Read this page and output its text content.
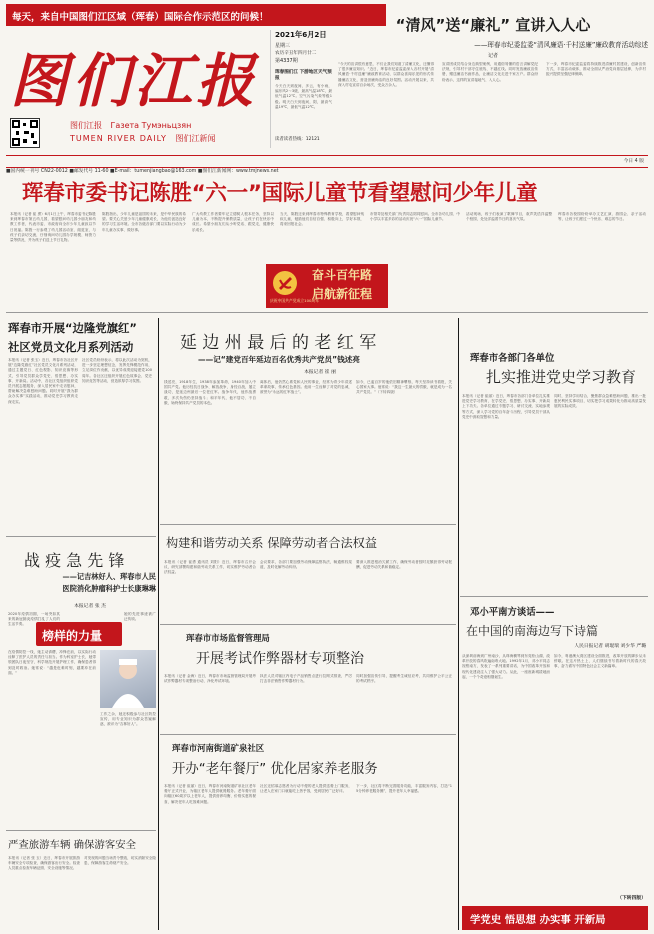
每天，来自中国图们江区域（珲春）国际合作示范区的问候！
图们江报
图们江报 Газета Тумэньцзян
TUMEN RIVER DAILY 图们江新闻
2021年6月2日
星期三
农历辛丑年四月廿二
第4337期
珲春图们江 下游地区天气预报
今天白天到夜间，多云，有小雨，偏东风2～3级，最高气温18℃，最低气温12℃。空气污染气象等级1级。明天白天到夜间，阴，最高气温19℃，最低气温12℃。
读者读者热线：12121
“清风”送“廉礼” 宣讲入人心
——珲春市纪委监委“清风廉语·千村送廉”廉政教育活动综述
记者
“今天的宣讲很有意思，不仅让我们知道了清廉文化，还懂得了很多廉洁知识。”近日，珲春市纪委监委深入各村开展“清风廉语·千村送廉”廉政教育活动，以群众喜闻乐见的形式传播廉洁文化，营造崇廉尚洁的良好氛围。活动开展以来，共深入村屯宣讲百余场次，受众万余人。
宣讲团成员结合身边典型案例，用通俗易懂的语言讲解党纪法规，引导村干部守住底线、不越红线。同时发放廉政宣传册，赠送廉洁书画作品，让廉洁文化走进千家万户。群众纷纷表示，这样的宣讲接地气、入人心。
下一步，珲春市纪委监委将持续推进清廉村居建设，创新宣传方式，丰富活动载体，推动全面从严治党向基层延伸，为乡村振兴提供坚强纪律保障。
■国内统一刊号 CN22-0012 ■邮发代号 11-60 ■E-mail：tumenjiangbao@163.com ■图们江新闻网：www.tmjnews.net
今日 4 版
珲春市委书记陈胜“六一”国际儿童节看望慰问少年儿童
本报讯（记者 崔 勇）6月1日上午，珲春市委书记陈胜来到珲春市第五幼儿园，看望慰问幼儿园小朋友和幼教工作者，代表市委、市政府向全市少年儿童致以节日祝福。陈胜一行参观了幼儿园活动室、阅览室，与孩子们亲切交流，仔细询问幼儿园办学规模、师资力量等情况，并为孩子们送上节日礼物。
陈胜指出，少年儿童是祖国的未来，是中华民族的希望。要关心关爱少年儿童健康成长，为他们创造良好的学习生活环境。全市各级各部门要以实际行动为少年儿童办实事、做好事。
广大幼教工作者要牢记立德树人根本任务，坚持以儿童为本，不断提升保教质量，让孩子们在快乐中成长。希望小朋友们从小听党话、跟党走，健康快乐成长。
当天，陈胜还来到珲春市特殊教育学校，看望慰问残疾儿童，勉励他们自信自强、积极向上，学好本领，将来回报社会。
市领导及相关部门负责同志陪同慰问。全市各幼儿园、中小学以丰富多彩的活动庆祝“六一”国际儿童节。
活动现场，孩子们表演了歌舞节目，欢声笑语洋溢整个校园，处处洋溢着节日的喜庆气氛。
庆祝中国共产党成立100周年
奋斗百年路
启航新征程
珲春市各校园纷纷举办文艺汇演、游园会、亲子活动等，让孩子们度过一个快乐、难忘的节日。
珲春市开展“边隆党旗红”
社区党员文化月系列活动
本报讯（记者 张玉）近日，珲春市各社区开展“边隆党旗红”社区党员文化月系列活动，通过主题党日、红色观影、知识竞赛等形式，引导党员群众学党史、悟思想、办实事、开新局。活动中，各社区党组织组织党员开展志愿服务，深入居民家中走访慰问，帮助解决急难愁盼问题。同时开展“我为群众办实事”实践活动，推动党史学习教育走深走实。
社区党员纷纷表示，将以此次活动为契机，进一步坚定理想信念，发挥先锋模范作用，立足岗位作贡献，以优异成绩迎接建党100周年。各社区还组织开展红色故事会、党史知识竞答等活动，营造浓厚学习氛围。
战 疫 急 先 锋
——记吉林好人、珲春市人民
医院消化肿瘤科护士长康琳琳
本报记者 张 杰
2020年疫情初期，一场突如其来的新冠肺炎疫情打乱了人们的生活节奏。
榜样的力量
她的先进事迹被广泛传颂。
在疫情防控一线，她主动请缨，冲锋在前，以实际行动诠释了医护人员的责任与担当。作为科室护士长，她带领团队日夜坚守，科学规范开展护理工作，确保患者得到及时救治。她常说：“越是危难时刻，越要冲在前面。”
工作之余，她还积极参与社区防控宣传，用专业知识为群众答疑解惑，被评为“吉林好人”。
严查旅游车辆 确保游客安全
本报讯（记者 张 玉）近日，珲春市开展旅游车辆安全专项检查，确保游客出行安全。检查人员重点检查车辆证照、安全设施等情况。
对发现的问题当场责令整改，切实消除安全隐患，保障游客生命财产安全。
延 边 州 最 后 的 老 红 军
——记“建党百年延边百名优秀共产党员”钱述亮
本报记者 崔 丽
钱述亮，1918年生，1938年参加革命，1940年加入中国共产党。他历经抗日战争、解放战争，身经百战，屡立战功，是延边州最后一位老红军。战争年代，他作战勇敢，多次负伤仍坚持战斗；和平年代，他不居功、不自傲，始终保持共产党员的本色。
离休后，他仍然心系党和人民的事业，经常为青少年讲述革命故事，传承红色基因。他用一生诠释了对党的忠诚，被誉为“永远的红军战士”。
如今，已逾百岁的他依旧精神矍铄，每天坚持读书看报，关心国家大事。他常说：“我这一生最大的骄傲，就是成为一名共产党员。”（下转四版）
构建和谐劳动关系 保障劳动者合法权益
本报讯（记者 崔勇 通讯员 刘阳）近日，珲春市召开会议，研究部署构建和谐劳动关系工作，切实维护劳动者合法权益。
会议要求，各部门要加强劳动保障监察执法，畅通维权渠道，及时化解劳动纠纷。
要深入推进根治欠薪工作，确保劳动者按时足额获得劳动报酬，促进劳动关系和谐稳定。
珲春市市场监督管理局
开展考试作弊器材专项整治
本报讯（记者 金海）近日，珲春市市场监督管理局开展考试作弊器材专项整治行动，净化考试环境。
执法人员对辖区内电子产品销售点进行拉网式排查，严厉打击非法销售作弊器材行为。
同时加强宣传引导，提醒考生诚信应考，共同维护公平公正的考试秩序。
珲春市河南街道矿泉社区
开办“老年餐厅” 优化居家养老服务
本报讯（记者 崔丽）近日，珲春市河南街道矿泉社区老年餐厅正式开业，为辖区老年人提供就餐服务。老年餐厅面向辖区60周岁以上老年人，提供营养均衡、价格实惠的餐食，解决老年人吃饭难问题。
社区还招募志愿者为行动不便的老人提供送餐上门服务，让老人在家门口就能吃上热乎饭，受到居民广泛好评。
下一步，社区将不断完善服务功能，丰富服务内容，打造“15分钟养老服务圈”，提升老年人幸福感。
珲春市各部门各单位
扎实推进党史学习教育
本报讯（记者 崔丽）近日，珲春市各部门各单位扎实推进党史学习教育，在学党史、悟思想、办实事、开新局上下功夫。各单位通过专题学习、研讨交流、实地参观等方式，深入学习党的百年奋斗历程，引导党员干部从党史中汲取智慧和力量。
同时，坚持学用结合，聚焦群众急难愁盼问题，推出一批惠民利民实事项目，切实把学习成果转化为推动高质量发展的实际成效。
邓小平南方谈话——
在中国的南海边写下诗篇
人民日报记者 胡琨瑞 刘少华 严璐
从深圳前海到广州南沙，从珠海横琴到东莞松山湖，改革开放的春风吹遍南粤大地。1992年1月，邓小平同志视察南方，发表了一系列重要讲话，为中国改革开放和现代化建设注入了强大动力。从此，一座座新城拔地而起，一个个奇迹相继诞生。
如今，粤港澳大湾区建设全面推进，改革开放的脚步从未停歇。在这片热土上，人们继续书写着新时代的春天故事，奋力谱写中国特色社会主义新篇章。
（下转四版）
学党史 悟思想 办实事 开新局
